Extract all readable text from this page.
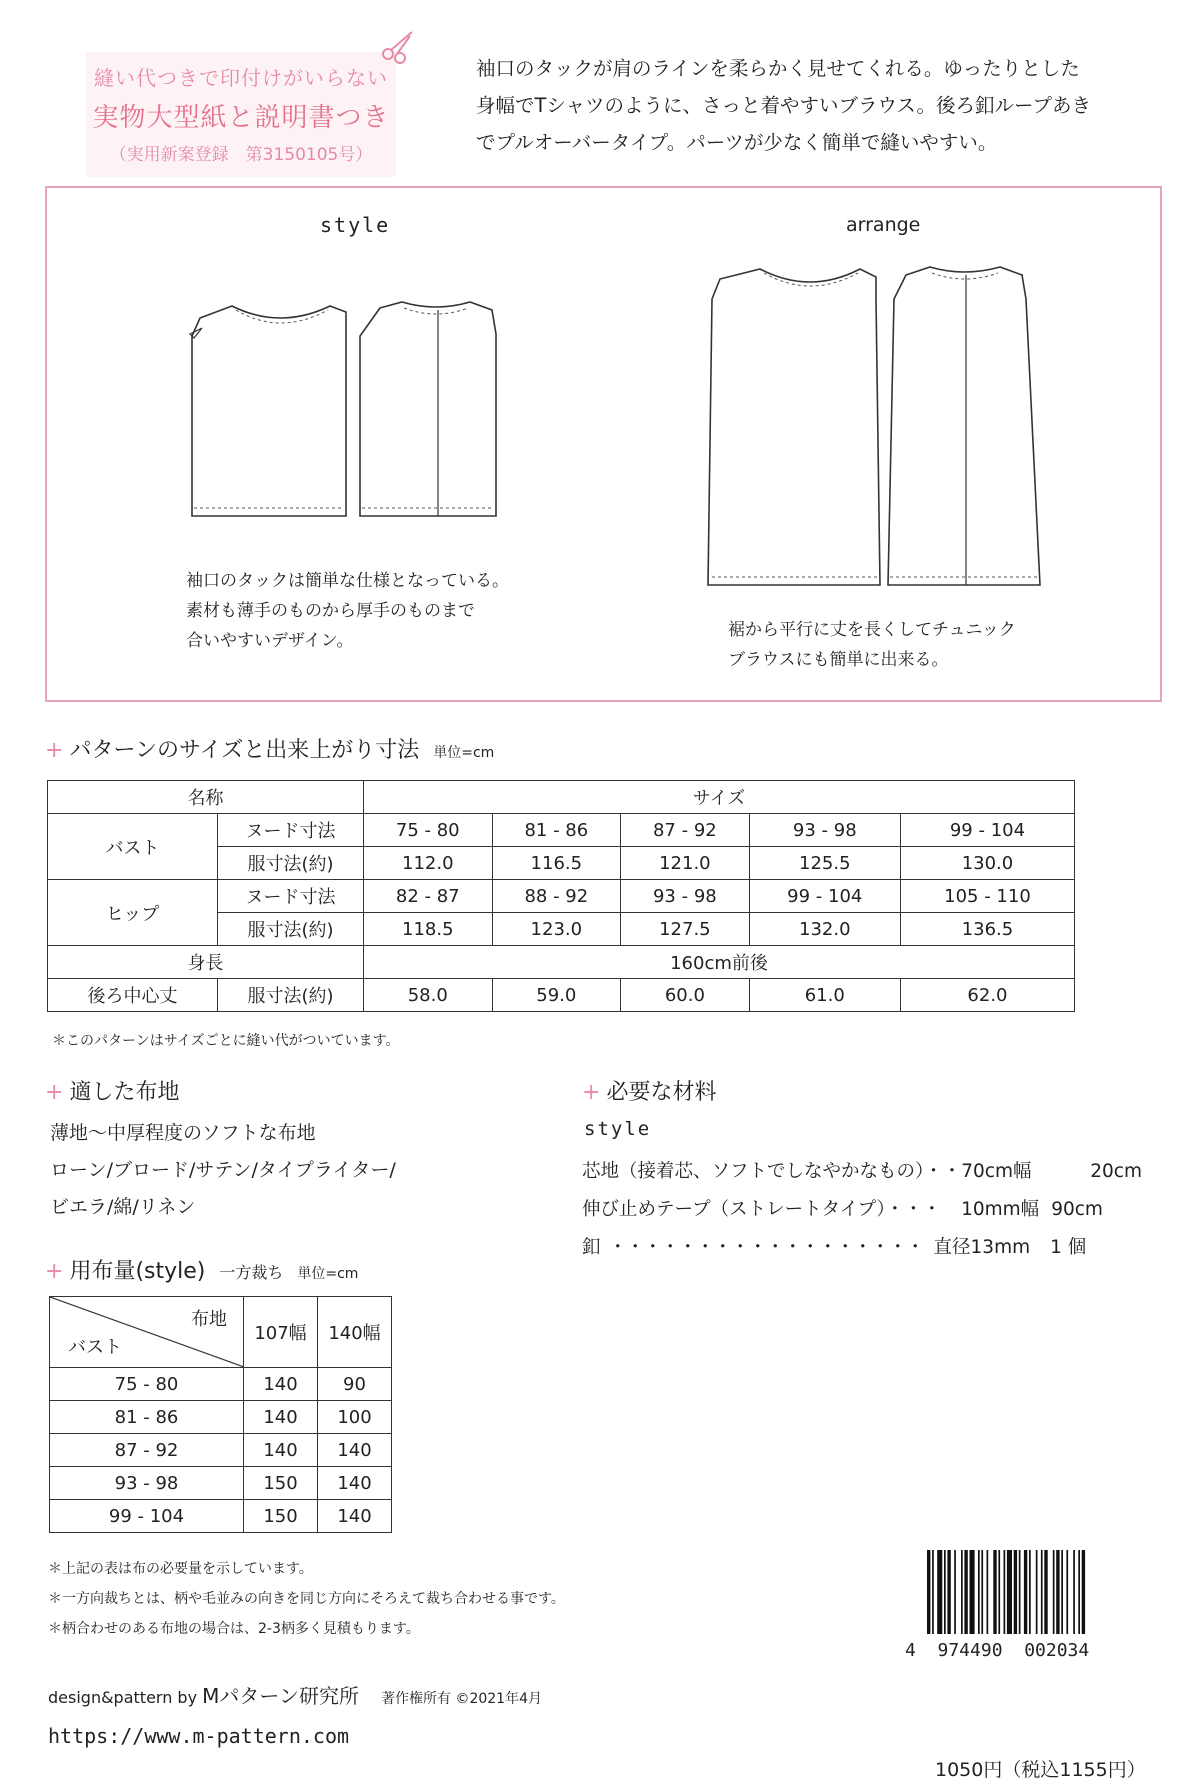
縫い代つきで印付けがいらない
実物大型紙と説明書つき
（実用新案登録　第3150105号）
袖口のタックが肩のラインを柔らかく見せてくれる。ゆったりとした
身幅でTシャツのように、さっと着やすいブラウス。後ろ釦ループあき
でプルオーバータイプ。パーツが少なく簡単で縫いやすい。
style	arrange
袖口のタックは簡単な仕様となっている。
素材も薄手のものから厚手のものまで
合いやすいデザイン。
裾から平行に丈を長くしてチュニック
ブラウスにも簡単に出来る。
+ パターンのサイズと出来上がり寸法 単位=cm
名称		サイズ				
バスト	ヌード寸法	75 - 80	81 - 86	87 - 92	93 - 98	99 - 104
	服寸法(約)	112.0	116.5	121.0	125.5	130.0
ヒップ	ヌード寸法	82 - 87	88 - 92	93 - 98	99 - 104	105 - 110
	服寸法(約)	118.5	123.0	127.5	132.0	136.5
身長		160cm前後				
後ろ中心丈	服寸法(約)	58.0	59.0	60.0	61.0	62.0
＊このパターンはサイズごとに縫い代がついています。
+ 適した布地
薄地～中厚程度のソフトな布地
ローン/ブロード/サテン/タイプライター/
ビエラ/綿/リネン
+ 必要な材料
style
芯地（接着芯、ソフトでしなやかなもの）・・70cm幅	20cm
伸び止めテープ（ストレートタイプ）・・・ 10mm幅 90cm
釦 ・・・・・・・・・・・・・・・・・・ 直径13mm 1 個
+ 用布量(style) 一方裁ち 単位=cm
布地
バスト	107幅	140幅
75 - 80	140	90
81 - 86	140	100
87 - 92	140	140
93 - 98	150	140
99 - 104	150	140
＊上記の表は布の必要量を示しています。
＊一方向裁ちとは、柄や毛並みの向きを同じ方向にそろえて裁ち合わせる事です。
＊柄合わせのある布地の場合は、2-3柄多く見積もります。
4  974490  002034
design&pattern by Mパターン研究所 著作権所有 ©2021年4月
https://www.m-pattern.com
1050円（税込1155円）
